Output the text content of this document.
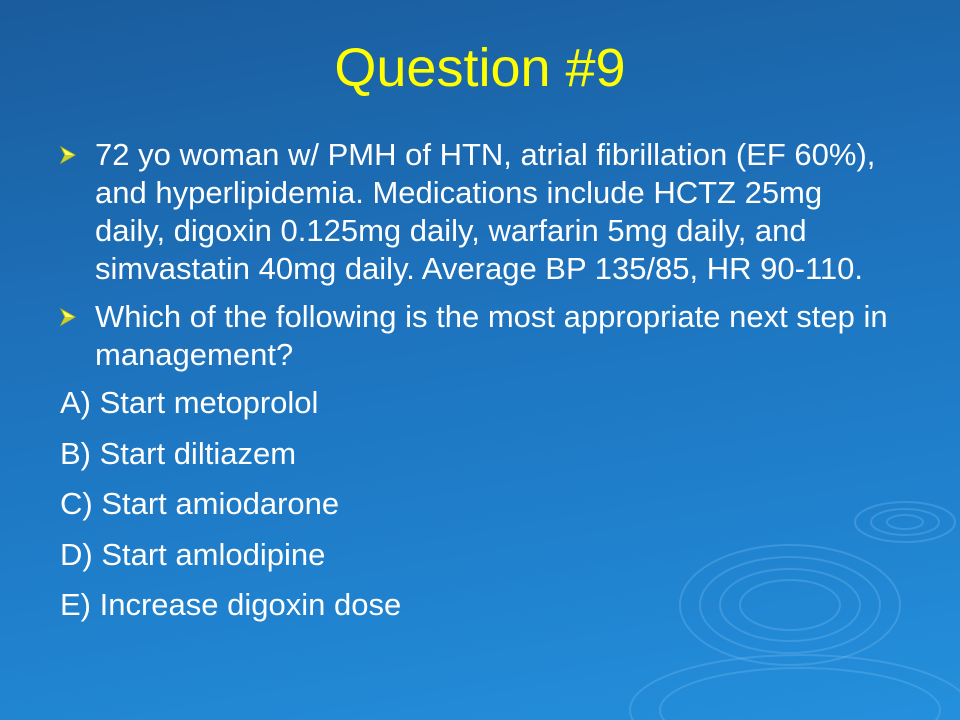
Question #9
72 yo woman w/ PMH of HTN, atrial fibrillation (EF 60%), and hyperlipidemia. Medications include HCTZ 25mg daily, digoxin 0.125mg daily, warfarin 5mg daily, and simvastatin 40mg daily. Average BP 135/85, HR 90-110.
Which of the following is the most appropriate next step in management?
A) Start metoprolol
B) Start diltiazem
C) Start amiodarone
D) Start amlodipine
E) Increase digoxin dose
